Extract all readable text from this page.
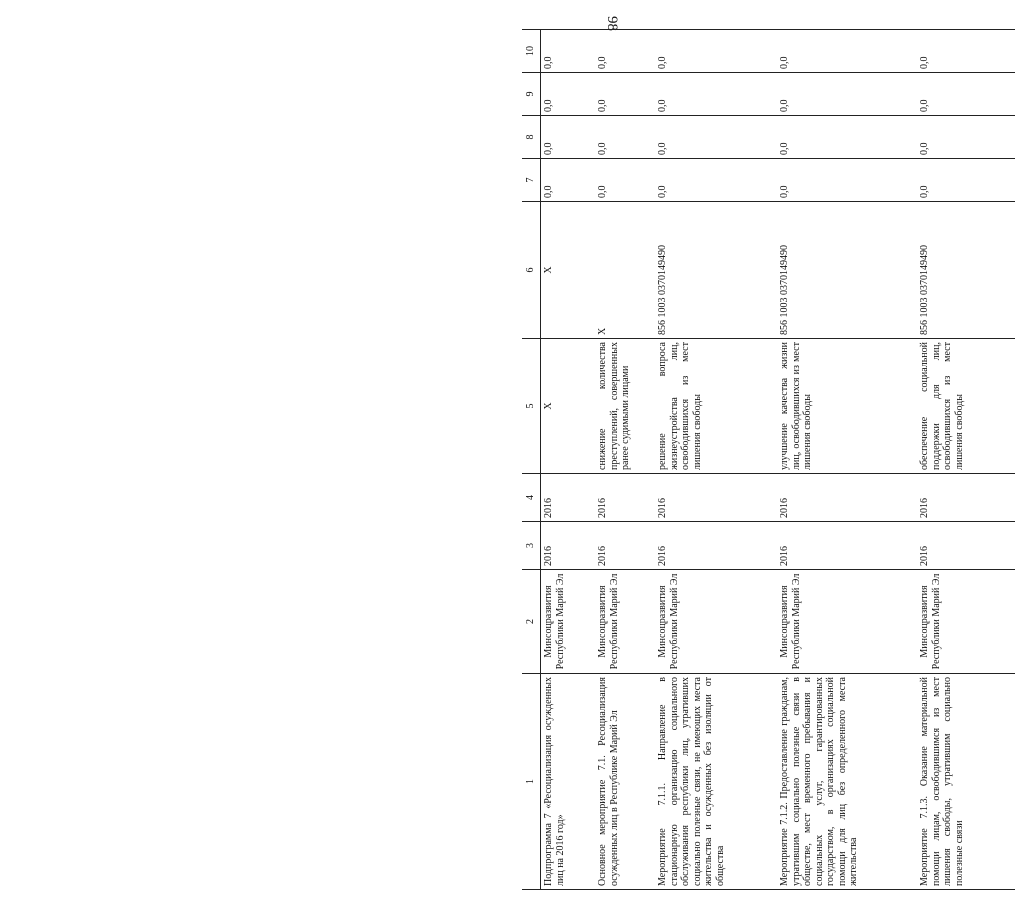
98
1	2	3	4	5	6	7	8	9	10
Подпрограмма 7 «Ресоциализация осужденных лиц на 2016 год»	Минсоцразвития Республики Марий Эл	2016	2016	X	X	0,0	0,0	0,0	0,0
Основное мероприятие 7.1. Ресоциализация осужденных лиц в Республике Марий Эл	Минсоцразвития Республики Марий Эл	2016	2016	снижение количества преступлений, совершенных ранее судимыми лицами	X	0,0	0,0	0,0	0,0
Мероприятие 7.1.1. Направление в стационарную организацию социального обслуживания республики лиц, утративших социально полезные связи, не имеющих места жительства и осужденных без изоляции от общества	Минсоцразвития Республики Марий Эл	2016	2016	решение вопроса жизнеустройства лиц, освободившихся из мест лишения свободы	856 1003 0370149490	0,0	0,0	0,0	0,0
Мероприятие 7.1.2. Предоставление гражданам, утратившим социально полезные связи в обществе, мест временного пребывания и социальных услуг, гарантированных государством, в организациях социальной помощи для лиц без определенного места жительства	Минсоцразвития Республики Марий Эл	2016	2016	улучшение качества жизни лиц, освободившихся из мест лишения свободы	856 1003 0370149490	0,0	0,0	0,0	0,0
Мероприятие 7.1.3. Оказание материальной помощи лицам, освободившимся из мест лишения свободы, утратившим социально полезные связи	Минсоцразвития Республики Марий Эл	2016	2016	обеспечение социальной поддержки для лиц, освободившихся из мест лишения свободы	856 1003 0370149490	0,0	0,0	0,0	0,0
